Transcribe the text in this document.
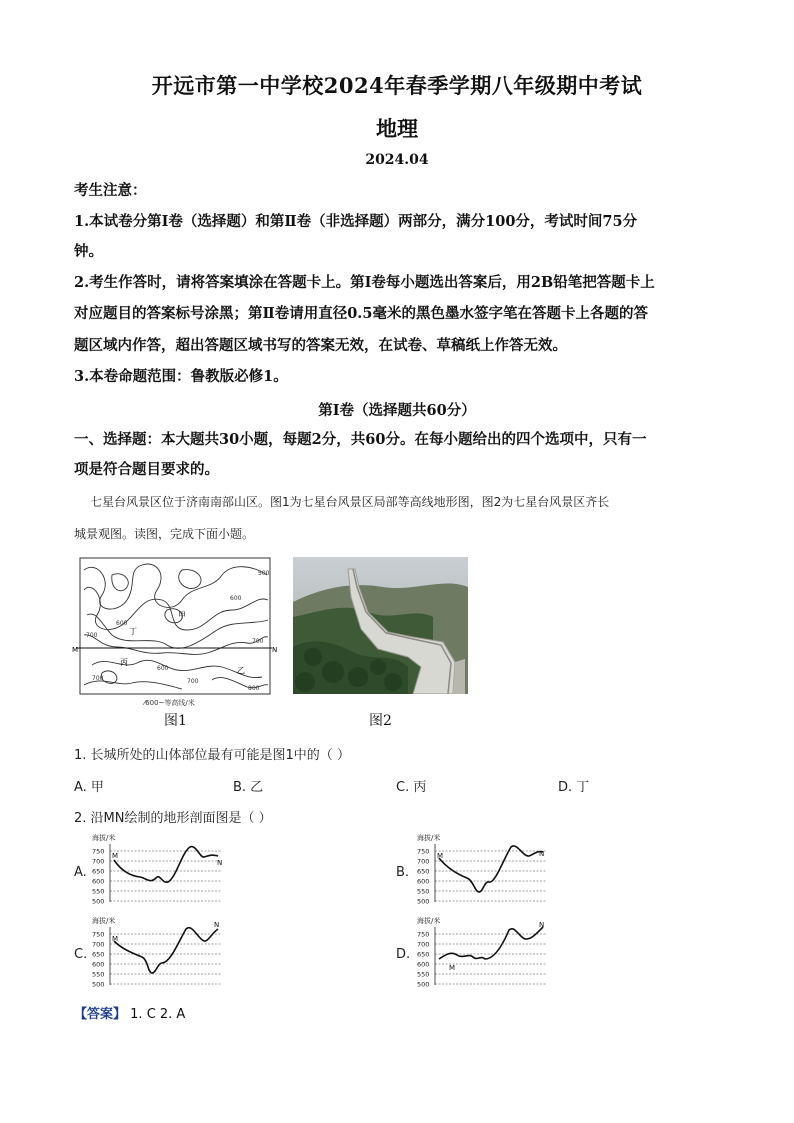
开远市第一中学校2024年春季学期八年级期中考试
地理
2024.04
考生注意：
1.本试卷分第Ⅰ卷（选择题）和第Ⅱ卷（非选择题）两部分，满分100分，考试时间75分
钟。
2.考生作答时，请将答案填涂在答题卡上。第Ⅰ卷每小题选出答案后，用2B铅笔把答题卡上
对应题目的答案标号涂黑；第Ⅱ卷请用直径0.5毫米的黑色墨水签字笔在答题卡上各题的答
题区域内作答，超出答题区域书写的答案无效，在试卷、草稿纸上作答无效。
3.本卷命题范围：鲁教版必修1。
第Ⅰ卷（选择题共60分）
一、选择题：本大题共30小题，每题2分，共60分。在每小题给出的四个选项中，只有一
项是符合题目要求的。
七星台风景区位于济南南部山区。图1为七星台风景区局部等高线地形图，图2为七星台风景区齐长
城景观图。读图，完成下面小题。
M	N
甲
乙
丙
丁
500
600
700
600
700
700
600
700
800
⁄600~等高线/米
图1	图2
1. 长城所处的山体部位最有可能是图1中的（ ）
A. 甲	B. 乙	C. 丙	D. 丁
2. 沿MN绘制的地形剖面图是（ ）
A.	B.
C.	D.
海拔/米
750
700
650
600
550
500
M
N
海拔/米
750
700
650
600
550
500
M	N
海拔/米
750
700
650
600
550
500
M
N	海拔/米
750
700
650
600
550
500
M
N
【答案】 1. C 2. A
